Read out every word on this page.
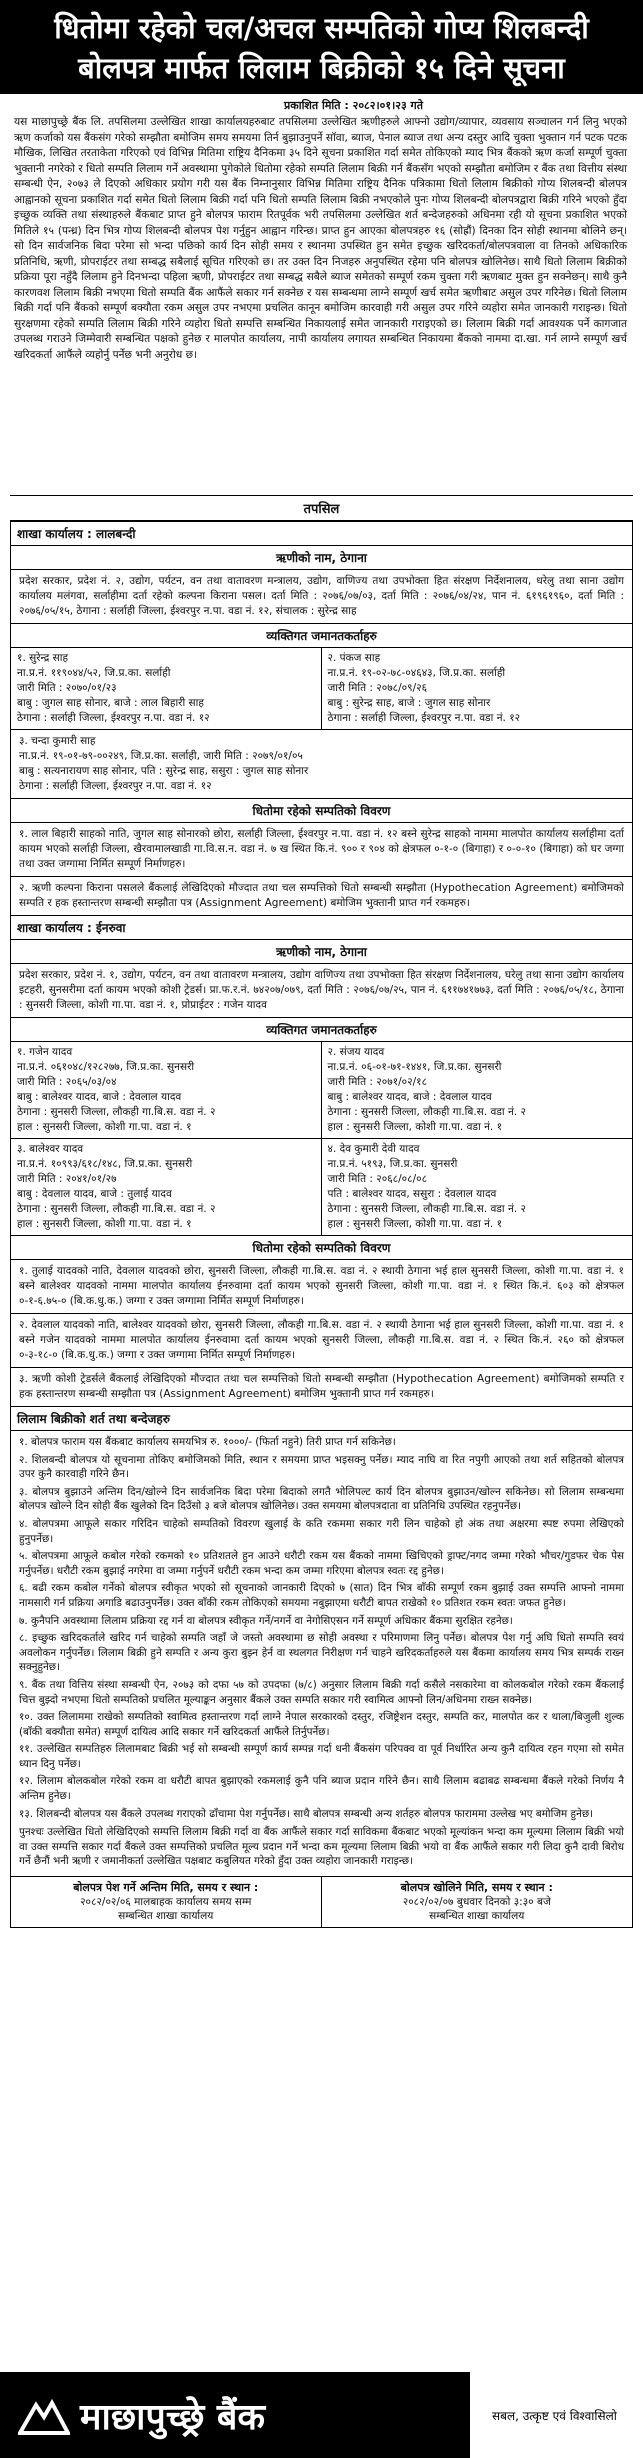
धितोमा रहेको चल/अचल सम्पतिको गोप्य शिलबन्दी
बोलपत्र मार्फत लिलाम बिक्रीको १५ दिने सूचना
प्रकाशित मिति : २०८२।०१।२३ गते
यस माछापुच्छ्रे बैंक लि. तपसिलमा उल्लेखित शाखा कार्यालयहरुबाट तपसिलमा उल्लेखित ऋणीहरुले आफ्नो उद्योग/व्यापार, व्यवसाय सञ्चालन गर्न लिनु भएको ऋण कर्जाको यस बैंकसंग गरेको सम्झौता बमोजिम समय समयमा तिर्न बुझाउनुपर्ने सॉवा, ब्याज, पेनाल ब्याज तथा अन्य दस्तुर आदि चुक्ता भुक्तान गर्न पटक पटक मौखिक, लिखित तरताकेता गरिएको एवं विभिन्न मितिमा राष्ट्रिय दैनिकमा ३५ दिने सूचना प्रकाशित गर्दा समेत तोकिएको म्याद भित्र बैंकको ऋण कर्जा सम्पूर्ण चुक्ता भुक्तानी नगरेको र धितो सम्पति लिलाम गर्ने अवस्थामा पुगेकोले धितोमा रहेको सम्पति लिलाम बिक्री गर्न बैंकसँग भएको सम्झौता बमोजिम र बैंक तथा वित्तीय संस्था सम्बन्धी ऐन, २०७३ ले दिएको अधिकार प्रयोग गरी यस बैंक निम्नानुसार विभिन्न मितिमा राष्ट्रिय दैनिक पत्रिकामा धितो लिलाम बिक्रीको गोप्य शिलबन्दी बोलपत्र आह्वानको सूचना प्रकाशित गर्दा समेत धितो लिलाम बिक्री गर्दा पनि धितो सम्पति लिलाम बिक्री नभएकोले पुनः गोप्य शिलबन्दी बोलपत्रद्वारा बिक्री गरिने भएको हुँदा इच्छुक व्यक्ति तथा संस्थाहरुले बैंकबाट प्राप्त हुने बोलपत्र फाराम रितपूर्वक भरी तपसिलमा उल्लेखित शर्त बन्देजहरुको अधिनमा रही यो सूचना प्रकाशित भएको मितिले १५ (पन्ध्र) दिन भित्र गोप्य शिलबन्दी बोलपत्र पेश गर्नुहुन आह्वान गरिन्छ। प्राप्त हुन आएका बोलपत्रहरु १६ (सोह्रौं) दिनका दिन सोही स्थानमा बोलिने छन्। सो दिन सार्वजनिक बिदा परेमा सो भन्दा पछिको कार्य दिन सोही समय र स्थानमा उपस्थित हुन समेत इच्छुक खरिदकर्ता/बोलपत्रवाला वा तिनको अधिकारिक प्रतिनिधि, ऋणी, प्रोपराईटर तथा सम्बद्ध सबैलाई सूचित गरिएको छ। तर उक्त दिन निजहरु अनुपस्थित रहेमा पनि बोलपत्र खोलिनेछ। साथै धितो लिलाम बिक्रीको प्रक्रिया पूरा नहुँदै लिलाम हुने दिनभन्दा पहिला ऋणी, प्रोपराईटर तथा सम्बद्ध सबैले ब्याज समेतको सम्पूर्ण रकम चुक्ता गरी ऋणबाट मुक्त हुन सक्नेछन्। साथै कुनै कारणवश लिलाम बिक्री नभएमा धितो सम्पति बैंक आफैंले सकार गर्न सक्नेछ र यस सम्बन्धमा लाग्ने सम्पूर्ण खर्च समेत ऋणीबाट असुल उपर गरिनेछ। धितो लिलाम बिक्री गर्दा पनि बैंकको सम्पूर्ण बक्यौता रकम असुल उपर नभएमा प्रचलित कानून बमोजिम कारवाही गरी असुल उपर गरिने व्यहोरा समेत जानकारी गराइन्छ। धितो सुरक्षणमा रहेको सम्पति लिलाम बिक्री गरिने व्यहोरा धितो सम्पत्ति सम्बन्धित निकायलाई समेत जानकारी गराइएको छ। लिलाम बिक्री गर्दा आवश्यक पर्ने कागजात उपलब्ध गराउने जिम्मेवारी सम्बन्धित पक्षको हुनेछ र मालपोत कार्यालय, नापी कार्यालय लगायत सम्बन्धित निकायमा बैंकको नाममा दा.खा. गर्न लाग्ने सम्पूर्ण खर्च खरिदकर्ता आफैंले व्यहोर्नु पर्नेछ भनी अनुरोध छ।
तपसिल
शाखा कार्यालय : लालबन्दी
ऋणीको नाम, ठेगाना
प्रदेश सरकार, प्रदेश नं. २, उद्योग, पर्यटन, वन तथा वातावरण मन्त्रालय, उद्योग, वाणिज्य तथा उपभोक्ता हित संरक्षण निर्देशनालय, धरेलु तथा साना उद्योग कार्यालय मलंगवा, सर्लाहीमा दर्ता रहेको कल्पना किराना पसल। दर्ता मिति : २०७६/०७/०३, दर्ता मिति : २०७६/०४/२४, पान नं. ६१९६१९६०, दर्ता मिति : २०७६/०५/१५, ठेगाना : सर्लाही जिल्ला, ईश्वरपुर न.पा. वडा नं. १२, संचालक : सुरेन्द्र साह
व्यक्तिगत जमानतकर्ताहरु
१. सुरेन्द्र साह
ना.प्र.नं. ११९०४४/५२, जि.प्र.का. सर्लाही
जारी मिति : २०७०/०१/२३
बाबु : जुगल साह सोनार, बाजे : लाल बिहारी साह
ठेगाना : सर्लाही जिल्ला, ईश्वरपुर न.पा. वडा नं. १२
२. पंकज साह
ना.प्र.नं. १९-०२-७८-०४६४३, जि.प्र.का. सर्लाही
जारी मिति : २०७८/०९/२६
बाबु : सुरेन्द्र साह, बाजे : जुगल साह सोनार
ठेगाना : सर्लाही जिल्ला, ईश्वरपुर न.पा. वडा नं. १२
३. चन्दा कुमारी साह
ना.प्र.नं. १९-०१-७९-००२४९, जि.प्र.का. सर्लाही, जारी मिति : २०७९/०१/०५
बाबु : सत्यनारायण साह सोनार, पति : सुरेन्द्र साह, ससुरा : जुगल साह सोनार
ठेगाना : सर्लाही जिल्ला, ईश्वरपुर न.पा. वडा नं. १२
धितोमा रहेको सम्पतिको विवरण
१. लाल बिहारी साहको नाति, जुगल साह सोनारको छोरा, सर्लाही जिल्ला, ईश्वरपुर न.पा. वडा नं. १२ बस्ने सुरेन्द्र साहको नाममा मालपोत कार्यालय सर्लाहीमा दर्ता कायम भएको सर्लाही जिल्ला, खैरवामालखाडी गा.वि.स.न. वडा नं. ७ ख स्थित कि.नं. ९०० र ९०४ को क्षेत्रफल ०-१-० (बिगाहा) र ०-०-१० (बिगाहा) को घर जग्गा तथा उक्त जग्गामा निर्मित सम्पूर्ण निर्माणहरु।
२. ऋणी कल्पना किराना पसलले बैंकलाई लेखिदिएको मौज्दात तथा चल सम्पत्तिको धितो सम्बन्धी सम्झौता (Hypothecation Agreement) बमोजिमको सम्पति र हक हस्तान्तरण सम्बन्धी सम्झौता पत्र (Assignment Agreement) बमोजिम भुक्तानी प्राप्त गर्न रकमहरु।
शाखा कार्यालय : ईनरुवा
ऋणीको नाम, ठेगाना
प्रदेश सरकार, प्रदेश नं. १, उद्योग, पर्यटन, वन तथा वातावरण मन्त्रालय, उद्योग वाणिज्य तथा उपभोक्ता हित संरक्षण निर्देशनालय, घरेलु तथा साना उद्योग कार्यालय इटहरी, सुनसरीमा दर्ता कायम भएको कोशी ट्रेडर्स। प्रा.फ.र.नं. ७४२०७/०७९, दर्ता मिति : २०७६/०७/२५, पान नं. ६११७४१७७३, दर्ता मिति : २०७६/०५/१८, ठेगाना : सुनसरी जिल्ला, कोशी गा.पा. वडा नं. १, प्रोप्राईटर : गजेन यादव
व्यक्तिगत जमानतकर्ताहरु
१. गजेन यादव
ना.प्र.नं. ०६१०४८/१२८२७७, जि.प्र.का. सुनसरी
जारी मिति : २०६५/०३/०४
बाबु : बालेश्वर यादव, बाजे : देवलाल यादव
ठेगाना : सुनसरी जिल्ला, लौकही गा.बि.स. वडा नं. २
हाल : सुनसरी जिल्ला, कोशी गा.पा. वडा नं. १
२. संजय यादव
ना.प्र.नं. ०६-०१-७१-१४४१, जि.प्र.का. सुनसरी
जारी मिति : २०७१/०२/१८
बाबु : बालेश्वर यादव, बाजे : देवलाल यादव
ठेगाना : सुनसरी जिल्ला, लौकही गा.बि.स. वडा नं. २
हाल : सुनसरी जिल्ला, कोशी गा.पा. वडा नं. १
३. बालेश्वर यादव
ना.प्र.नं. १०९९३/६१८/१४८, जि.प्र.का. सुनसरी
जारी मिति : २०४१/०१/२७
बाबु : देवलाल यादव, बाजे : तुलाई यादव
ठेगाना : सुनसरी जिल्ला, लौकही गा.बि.स. वडा नं. २
हाल : सुनसरी जिल्ला, कोशी गा.पा. वडा नं. १
४. देव कुमारी देवी यादव
ना.प्र.नं. ५१९३, जि.प्र.का. सुनसरी
जारी मिति : २०६८/०८/०८
पति : बालेश्वर यादव, ससुरा : देवलाल यादव
ठेगाना : सुनसरी जिल्ला, लौकही गा.बि.स. वडा नं. २
हाल : सुनसरी जिल्ला, कोशी गा.पा. वडा नं. १
धितोमा रहेको सम्पतिको विवरण
१. तुलाई यादवको नाति, देवलाल यादवको छोरा, सुनसरी जिल्ला, लौकही गा.बि.स. वडा नं. २ स्थायी ठेगाना भई हाल सुनसरी जिल्ला, कोशी गा.पा. वडा नं. १ बस्ने बालेश्वर यादवको नाममा मालपोत कार्यालय ईनरुवामा दर्ता कायम भएको सुनसरी जिल्ला, कोशी गा.पा. वडा नं. १ स्थित कि.नं. ६०३ को क्षेत्रफल ०-१-६.७५-० (बि.क.धु.क.) जग्गा र उक्त जग्गामा निर्मित सम्पूर्ण निर्माणहरु।
२. देवलाल यादवको नाति, बालेश्वर यादवको छोरा, सुनसरी जिल्ला, लौकही गा.बि.स. वडा नं. २ स्थायी ठेगाना भई हाल सुनसरी जिल्ला, कोशी गा.पा. वडा नं. १ बस्ने गजेन यादवको नाममा मालपोत कार्यालय ईनरुवामा दर्ता कायम भएको सुनसरी जिल्ला, लौकही गा.बि.स. वडा नं. २ स्थित कि.नं. २६० को क्षेत्रफल ०-३-१८-० (बि.क.धु.क.) जग्गा र उक्त जग्गामा निर्मित सम्पूर्ण निर्माणहरु।
३. ऋणी कोशी ट्रेडर्सले बैंकलाई लेखिदिएको मौज्दात तथा चल सम्पत्तिको धितो सम्बन्धी सम्झौता (Hypothecation Agreement) बमोजिमको सम्पति र हक हस्तान्तरण सम्बन्धी सम्झौता पत्र (Assignment Agreement) बमोजिम भुक्तानी प्राप्त गर्न रकमहरु।
लिलाम बिक्रीको शर्त तथा बन्देजहरु
१. बोलपत्र फाराम यस बैंकबाट कार्यालय समयभित्र रु. १०००/- (फिर्ता नहुने) तिरी प्राप्त गर्न सकिनेछ।
२. शिलबन्दी बोलपत्र यो सूचनामा तोकिए बमोजिमको मिति, स्थान र समयमा प्राप्त भइसक्नु पर्नेछ। म्याद नाघि वा रित नपुगी आएको तथा शर्त सहितको बोलपत्र उपर कुनै कारवाही गरिने छैन।
३. बोलपत्र बुझाउने अन्तिम दिन/खोल्ने दिन सार्वजनिक बिदा परेमा बिदाको लगतै भोलिपल्ट कार्य दिन बोलपत्र बुझाउन/खोल्न सकिनेछ। सो लिलाम सम्बन्धमा बोलपत्र खोल्ने दिन सोही बैंक खुलेको दिन दिउँसो ३ बजे बोलपत्र खोलिनेछ। उक्त समयमा बोलपत्रदाता वा प्रतिनिधि उपस्थित रहनुपर्नेछ।
४. बोलपत्रमा आफूले सकार गरिदिन चाहेको सम्पतिको विवरण खुलाई के कति रकममा सकार गरी लिन चाहेको हो अंक तथा अक्षरमा स्पष्ट रुपमा लेखिएको हुनुपर्नेछ।
५. बोलपत्रमा आफूले कबोल गरेको रकमको १० प्रतिशतले हुन आउने धरौटी रकम यस बैंकको नाममा खिचिएको ड्राफ्ट/नगद जम्मा गरेको भौचर/गुडफर चेक पेस गर्नुपर्नेछ। धरौटी रकम बुझाई नगरेमा वा जम्मा गर्नुपर्ने धरौटी रकम भन्दा कम जम्मा गरिएमा बोलपत्र स्वतः रद्द हुनेछ।
६. बढी रकम कबोल गर्नेको बोलपत्र स्वीकृत भएको सो सूचनाको जानकारी दिएको ७ (सात) दिन भित्र बाँकी सम्पूर्ण रकम बुझाई उक्त सम्पत्ति आफ्नो नाममा नामसारी गर्न प्रक्रिया अगाडि बढाउनुपर्नेछ। उक्त बाँकी रकम तोकिएको समयमा नबुझाएमा धरौटी बापत राखेको १० प्रतिशत रकम स्वतः जफत हुनेछ।
७. कुनैपनि अवस्थामा लिलाम प्रक्रिया रद्द गर्न वा बोलपत्र स्वीकृत गर्ने/नगर्ने वा नेगोसिएसन गर्ने सम्पूर्ण अधिकार बैंकमा सुरक्षित रहनेछ।
८. इच्छुक खरिदकर्ताले खरिद गर्न चाहेको सम्पति जहाँ जे जस्तो अवस्थामा छ सोही अवस्था र परिमाणमा लिनु पर्नेछ। बोलपत्र पेश गर्नु अघि धितो सम्पति स्वयं अवलोकन गर्नुपर्नेछ। लिलाम बिक्री हुने सम्पति र अन्य कुरा बुझ्न हेर्न वा स्थलगत निरीक्षण गर्न चाहने खरिदकर्ताहरुले यस बैंकमा कार्यालय समय भित्र सम्पर्क राख्न सक्नुहुनेछ।
९. बैंक तथा वित्तिय संस्था सम्बन्धी ऐन, २०७३ को दफा ५७ को उपदफा (७/८) अनुसार लिलाम बिक्री गर्दा कसैले नसकारेमा वा कोलकबोल गरेको रकम बैंकलाई चित्त बुझ्दो नभएमा धितो सम्पतिको प्रचलित मूल्याङ्कन अनुसार बैंकले उक्त सम्पति सकार गरी स्वामित्व आफ्नो लिन/अधिनमा राख्न सक्नेछ।
१०. उक्त लिलाममा राखेको सम्पतिको स्वामित्व हस्तान्तरण गर्दा लाग्ने नेपाल सरकारको दस्तुर, रजिष्ट्रेशन दस्तुर, सम्पति कर, मालपोत कर र थाला/बिजुली शुल्क (बाँकी बक्यौता समेत) सम्पूर्ण दायित्व आदि सकार गर्ने खरिदकर्ता आफैंले तिर्नुपर्नेछ।
११. उल्लेखित सम्पतिहरु लिलामबाट बिक्री भई सो सम्बन्धी सम्पूर्ण कार्य सम्पन्न गर्दा धनी बैंकसंग परिपक्व वा पूर्व निर्धारित अन्य कुनै दायित्व रहन गएमा सो समेत ध्यान दिनु पर्नेछ।
१२. लिलाम बोलकबोल गरेको रकम वा धरौटी बापत बुझाएको रकमलाई कुनै पनि ब्याज प्रदान गरिने छैन। साथै लिलाम बढाबढ सम्बन्धमा बैंकले गरेको निर्णय नै अन्तिम हुनेछ।
१३. शिलबन्दी बोलपत्र यस बैंकले उपलब्ध गराएको ढाँचामा पेश गर्नुपर्नेछ। साथै बोलपत्र सम्बन्धी अन्य शर्तहरु बोलपत्र फाराममा उल्लेख भए बमोजिम हुनेछ।
पुनश्चः उल्लेखित धितो लेखिदिएको सम्पत्ति लिलाम बिक्री गर्दा वा बैंक आफैंले सकार गर्दा साविकमा बैंकबाट भएको मूल्यांकन भन्दा कम मूल्यमा लिलाम बिक्री भयो वा उक्त सम्पत्ति सकार गर्दा बैंकले उक्त सम्पत्तिको प्रचलित मूल्य प्रदान गर्ने भन्दा कम मूल्यमा लिलाम बिक्री भयो वा बैंक आफैंले सकार गरी लिदा कुनै दावी बिरोध गर्ने छैनौं भनी ऋणी र जमानीकर्ता उल्लेखित पक्षबाट कबुलियत गरेको हुँदा उक्त व्यहोरा जानकारी गराइन्छ।
बोलपत्र पेश गर्ने अन्तिम मिति, समय र स्थान :
२०८२/०२/०६ मालबाहक कार्यालय समय सम्म
सम्बन्धित शाखा कार्यालय
बोलपत्र खोलिने मिति, समय र स्थान :
२०८२/०२/०७ बुधवार दिनको ३:३० बजे
सम्बन्धित शाखा कार्यालय
माछापुच्छ्रे बैंक	सबल, उत्कृष्ट एवं विश्वासिलो
